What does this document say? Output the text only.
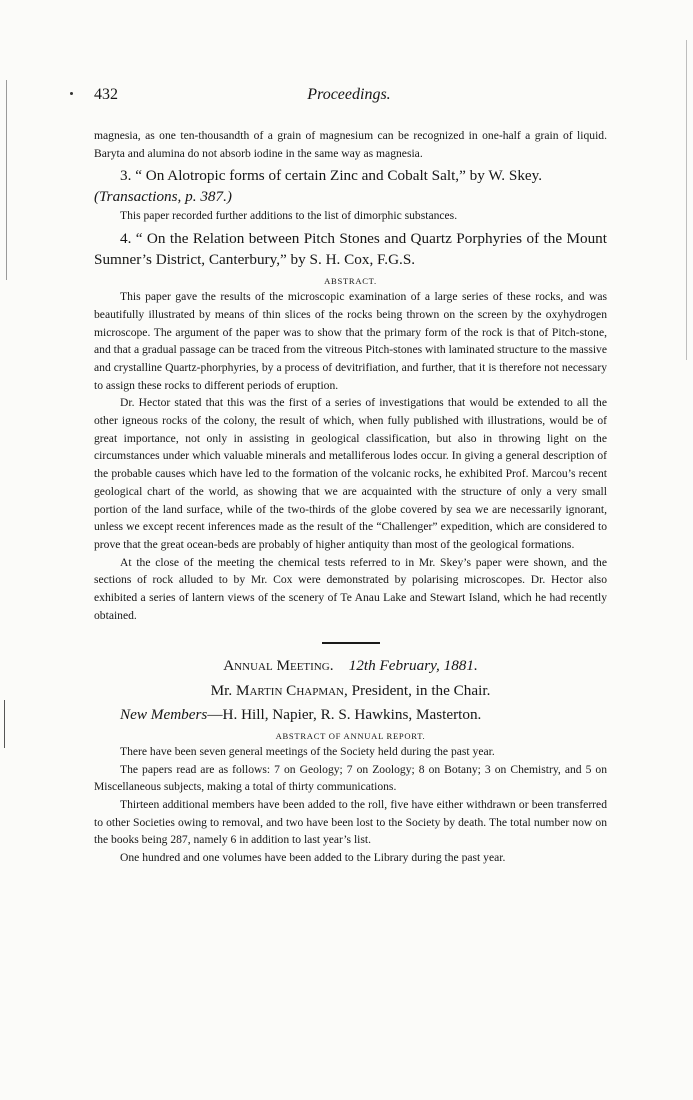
432	Proceedings.

magnesia, as one ten-thousandth of a grain of magnesium can be recognized in one-half a grain of liquid. Baryta and alumina do not absorb iodine in the same way as magnesia.

3. “ On Alotropic forms of certain Zinc and Cobalt Salt,” by W. Skey.

(Transactions, p. 387.)

This paper recorded further additions to the list of dimorphic substances.

4. “ On the Relation between Pitch Stones and Quartz Porphyries of the Mount Sumner’s District, Canterbury,” by S. H. Cox, F.G.S.

ABSTRACT.

This paper gave the results of the microscopic examination of a large series of these rocks, and was beautifully illustrated by means of thin slices of the rocks being thrown on the screen by the oxyhydrogen microscope. The argument of the paper was to show that the primary form of the rock is that of Pitch-stone, and that a gradual passage can be traced from the vitreous Pitch-stones with laminated structure to the massive and crystalline Quartz-phorphyries, by a process of devitrifiation, and further, that it is therefore not necessary to assign these rocks to different periods of eruption.

Dr. Hector stated that this was the first of a series of investigations that would be extended to all the other igneous rocks of the colony, the result of which, when fully published with illustrations, would be of great importance, not only in assisting in geological classification, but also in throwing light on the circumstances under which valuable minerals and metalliferous lodes occur. In giving a general description of the probable causes which have led to the formation of the volcanic rocks, he exhibited Prof. Marcou’s recent geological chart of the world, as showing that we are acquainted with the structure of only a very small portion of the land surface, while of the two-thirds of the globe covered by sea we are necessarily ignorant, unless we except recent inferences made as the result of the “Challenger” expedition, which are considered to prove that the great ocean-beds are probably of higher antiquity than most of the geological formations.

At the close of the meeting the chemical tests referred to in Mr. Skey’s paper were shown, and the sections of rock alluded to by Mr. Cox were demonstrated by polarising microscopes. Dr. Hector also exhibited a series of lantern views of the scenery of Te Anau Lake and Stewart Island, which he had recently obtained.

Annual Meeting. 12th February, 1881.

Mr. Martin Chapman, President, in the Chair.

New Members—H. Hill, Napier, R. S. Hawkins, Masterton.

ABSTRACT OF ANNUAL REPORT.

There have been seven general meetings of the Society held during the past year.

The papers read are as follows: 7 on Geology; 7 on Zoology; 8 on Botany; 3 on Chemistry, and 5 on Miscellaneous subjects, making a total of thirty communications.

Thirteen additional members have been added to the roll, five have either withdrawn or been transferred to other Societies owing to removal, and two have been lost to the Society by death. The total number now on the books being 287, namely 6 in addition to last year’s list.

One hundred and one volumes have been added to the Library during the past year.
